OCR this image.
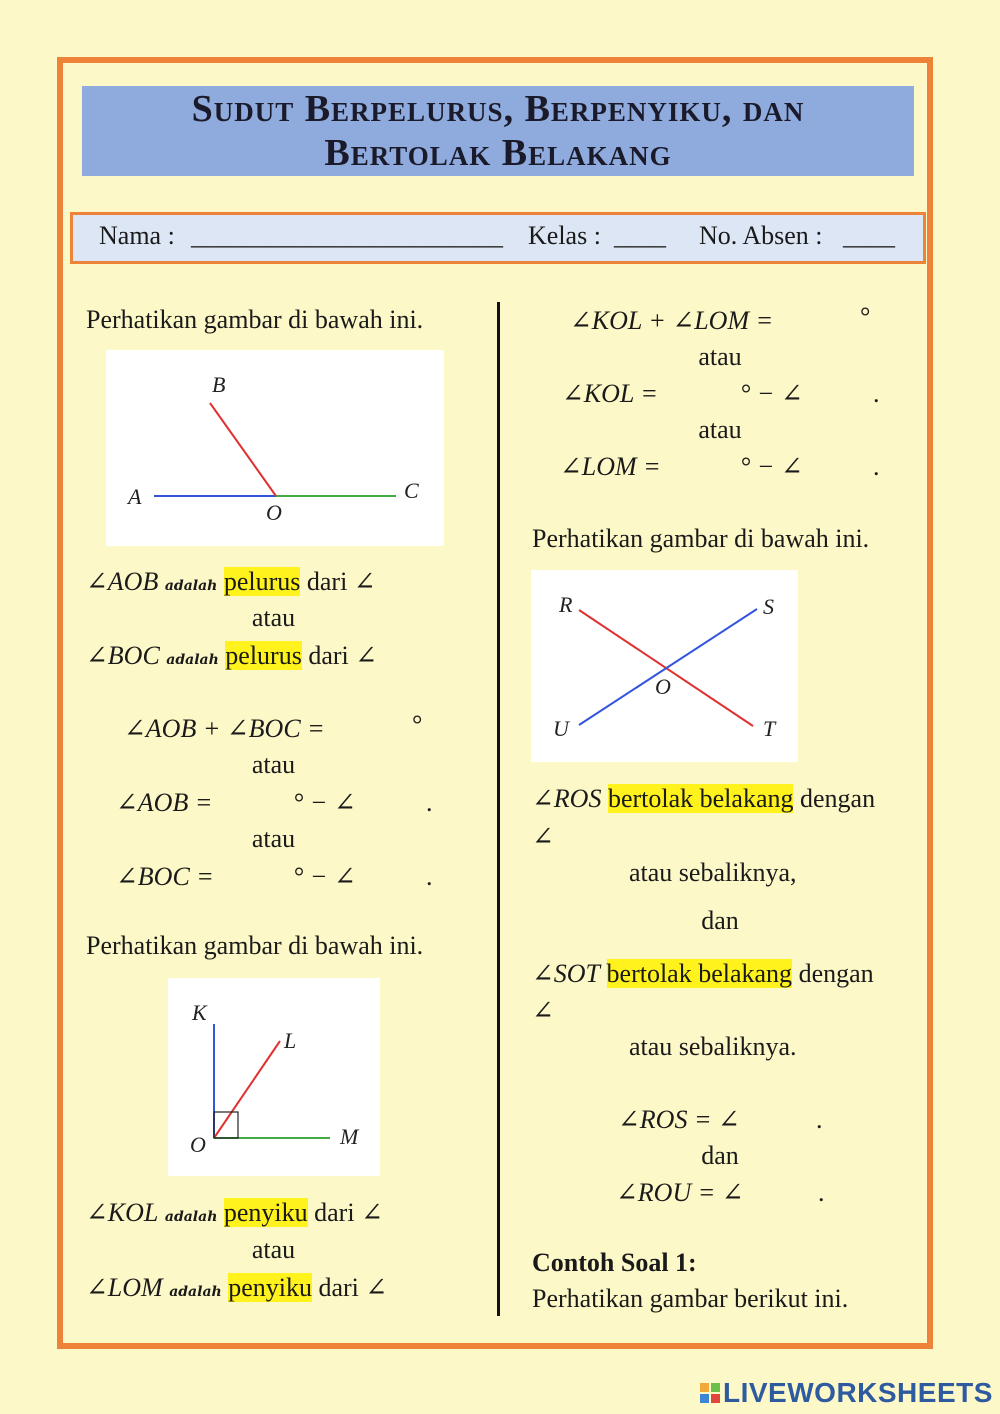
Sudut Berpelurus, Berpenyiku, dan
Bertolak Belakang
Nama : ________________________ Kelas : ____ No. Absen : ____
Perhatikan gambar di bawah ini.
B
A
O
C
∠AOB adalah pelurus dari ∠
atau
∠BOC adalah pelurus dari ∠
∠AOB + ∠BOC =	°
atau
∠AOB =	° − ∠	.
atau
∠BOC =	° − ∠	.
Perhatikan gambar di bawah ini.
K
L
O	M
∠KOL adalah penyiku dari ∠
atau
∠LOM adalah penyiku dari ∠
∠KOL + ∠LOM =	°
atau
∠KOL =	° − ∠	.
atau
∠LOM =	° − ∠	.
Perhatikan gambar di bawah ini.
R	S
O
U	T
∠ROS bertolak belakang dengan
∠
atau sebaliknya,
dan
∠SOT bertolak belakang dengan
∠
atau sebaliknya.
∠ROS = ∠	.
dan
∠ROU = ∠	.
Contoh Soal 1:
Perhatikan gambar berikut ini.
LIVEWORKSHEETS
